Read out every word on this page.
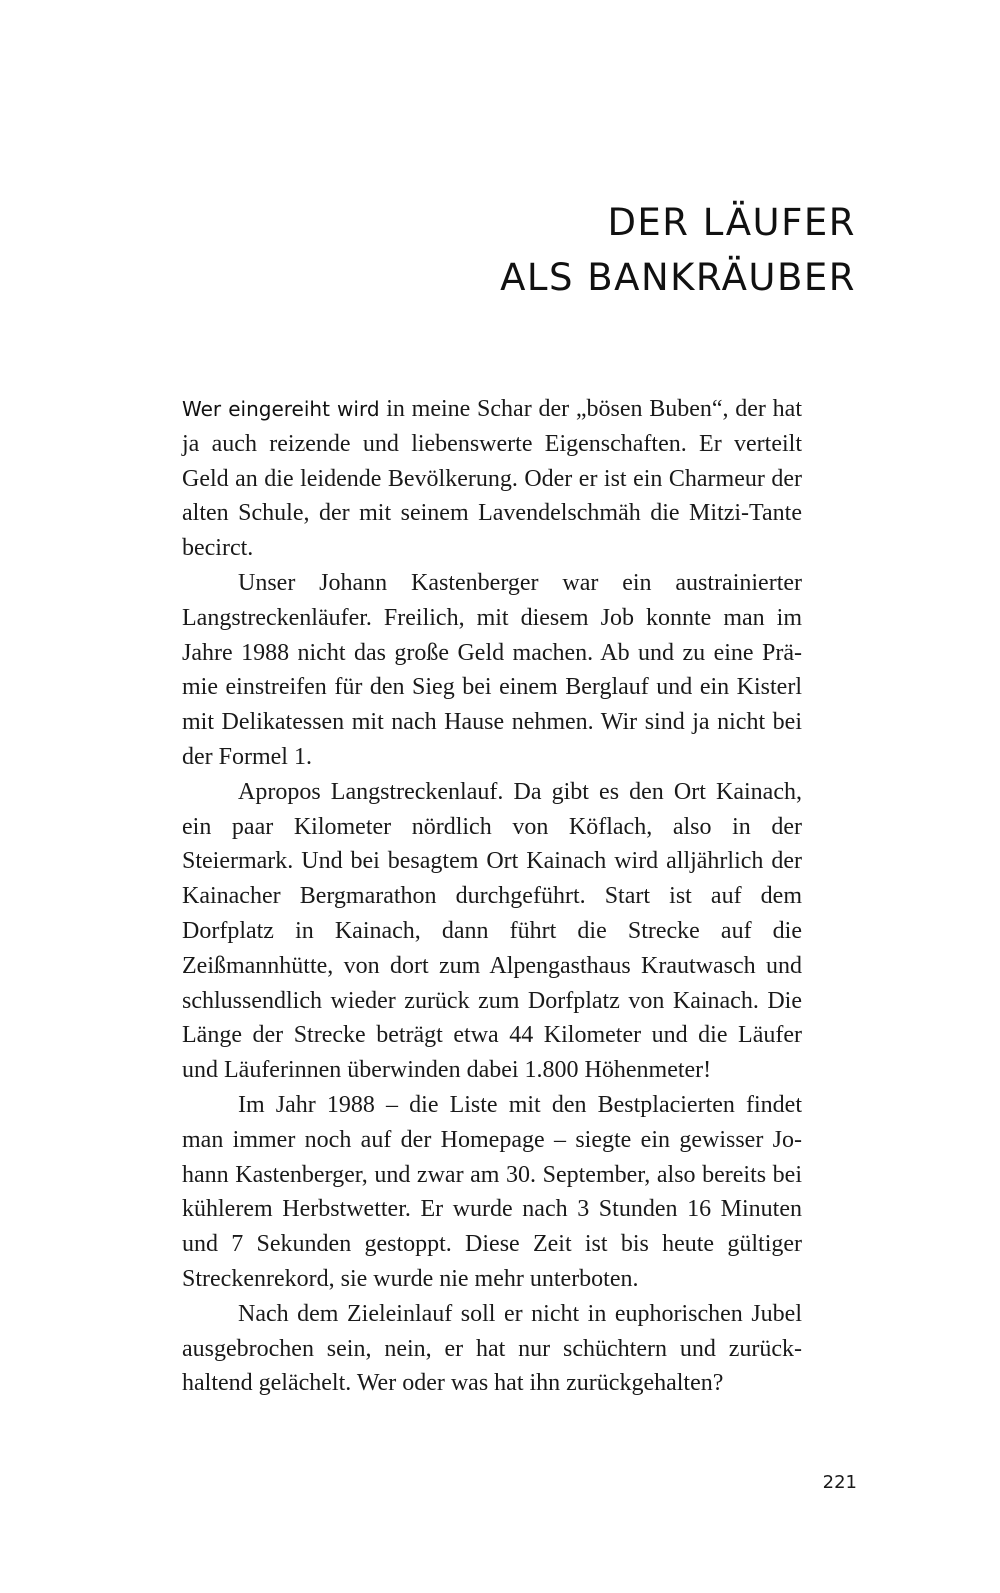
DER LÄUFER
ALS BANKRÄUBER

Wer eingereiht wird in meine Schar der „bösen Buben“, der hat ja auch reizende und liebenswerte Eigenschaften. Er verteilt Geld an die leidende Bevölkerung. Oder er ist ein Charmeur der alten Schule, der mit seinem Lavendelschmäh die Mitzi-Tante becirct.

Unser Johann Kastenberger war ein austrainierter Langstreckenläufer. Freilich, mit diesem Job konnte man im Jahre 1988 nicht das große Geld machen. Ab und zu eine Prämie einstreifen für den Sieg bei einem Berglauf und ein Kisterl mit Delikatessen mit nach Hause nehmen. Wir sind ja nicht bei der Formel 1.

Apropos Langstreckenlauf. Da gibt es den Ort Kainach, ein paar Kilometer nördlich von Köflach, also in der Steiermark. Und bei besagtem Ort Kainach wird alljährlich der Kainacher Bergmarathon durchgeführt. Start ist auf dem Dorfplatz in Kainach, dann führt die Strecke auf die Zeißmannhütte, von dort zum Alpengasthaus Krautwasch und schlussendlich wieder zurück zum Dorfplatz von Kainach. Die Länge der Strecke beträgt etwa 44 Kilometer und die Läufer und Läuferinnen überwinden dabei 1.800 Höhenmeter!

Im Jahr 1988 – die Liste mit den Bestplacierten findet man immer noch auf der Homepage – siegte ein gewisser Johann Kastenberger, und zwar am 30. September, also bereits bei kühlerem Herbstwetter. Er wurde nach 3 Stunden 16 Minuten und 7 Sekunden gestoppt. Diese Zeit ist bis heute gültiger Streckenrekord, sie wurde nie mehr unterboten.

Nach dem Zieleinlauf soll er nicht in euphorischen Jubel ausgebrochen sein, nein, er hat nur schüchtern und zurückhaltend gelächelt. Wer oder was hat ihn zurückgehalten?

221
